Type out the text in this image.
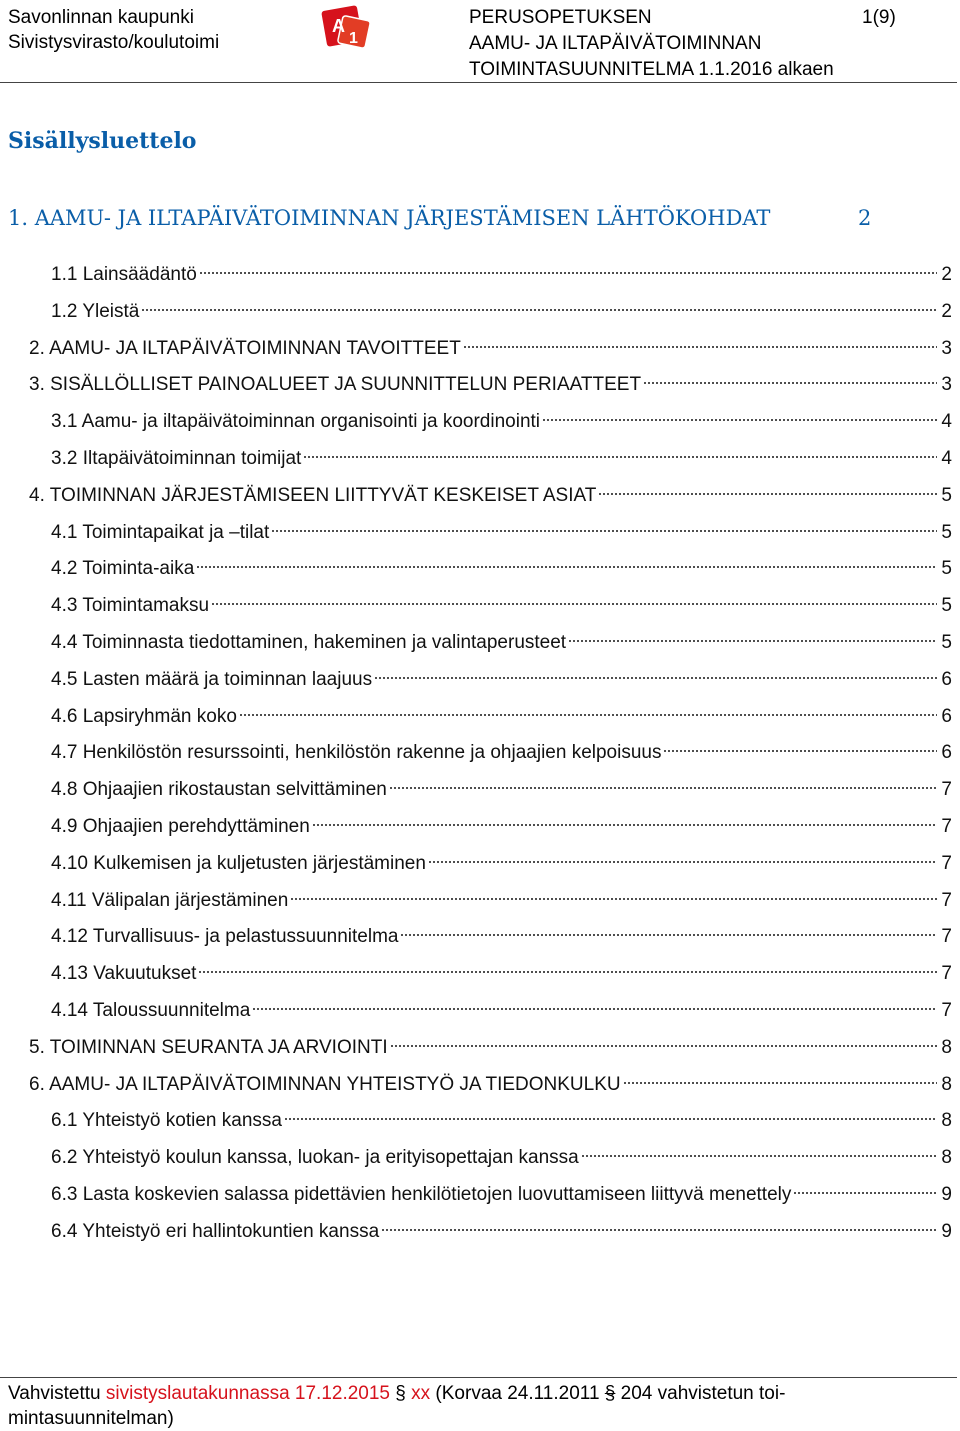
Savonlinnan kaupunki
Sivistysvirasto/koulutoimi
A
1
PERUSOPETUKSEN
AAMU- JA ILTAPÄIVÄTOIMINNAN
TOIMINTASUUNNITELMA 1.1.2016 alkaen
1(9)
Sisällysluettelo
1. AAMU- JA ILTAPÄIVÄTOIMINNAN JÄRJESTÄMISEN LÄHTÖKOHDAT	2
1.1 Lainsäädäntö	2
1.2 Yleistä	2
2. AAMU- JA ILTAPÄIVÄTOIMINNAN TAVOITTEET	3
3. SISÄLLÖLLISET PAINOALUEET JA SUUNNITTELUN PERIAATTEET	3
3.1 Aamu- ja iltapäivätoiminnan organisointi ja koordinointi	4
3.2 Iltapäivätoiminnan toimijat	4
4. TOIMINNAN JÄRJESTÄMISEEN LIITTYVÄT KESKEISET ASIAT	5
4.1 Toimintapaikat ja –tilat	5
4.2 Toiminta-aika	5
4.3 Toimintamaksu	5
4.4 Toiminnasta tiedottaminen, hakeminen ja valintaperusteet	5
4.5 Lasten määrä ja toiminnan laajuus	6
4.6 Lapsiryhmän koko	6
4.7 Henkilöstön resurssointi, henkilöstön rakenne ja ohjaajien kelpoisuus	6
4.8 Ohjaajien rikostaustan selvittäminen	7
4.9 Ohjaajien perehdyttäminen	7
4.10 Kulkemisen ja kuljetusten järjestäminen	7
4.11 Välipalan järjestäminen	7
4.12 Turvallisuus- ja pelastussuunnitelma	7
4.13 Vakuutukset	7
4.14 Taloussuunnitelma	7
5. TOIMINNAN SEURANTA JA ARVIOINTI	8
6. AAMU- JA ILTAPÄIVÄTOIMINNAN YHTEISTYÖ JA TIEDONKULKU	8
6.1 Yhteistyö kotien kanssa	8
6.2 Yhteistyö koulun kanssa, luokan- ja erityisopettajan kanssa	8
6.3 Lasta koskevien salassa pidettävien henkilötietojen luovuttamiseen liittyvä menettely	9
6.4 Yhteistyö eri hallintokuntien kanssa	9
Vahvistettu sivistyslautakunnassa 17.12.2015 § xx (Korvaa 24.11.2011 § 204 vahvistetun toi-
mintasuunnitelman)
